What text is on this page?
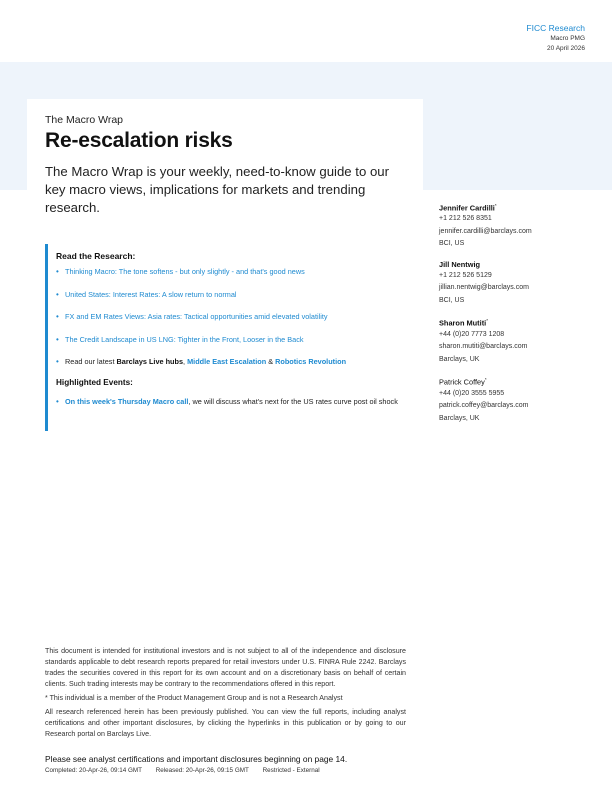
FICC Research
Macro PMG
20 April 2026
The Macro Wrap
Re-escalation risks
The Macro Wrap is your weekly, need-to-know guide to our key macro views, implications for markets and trending research.
Read the Research:
• Thinking Macro: The tone softens - but only slightly - and that's good news
• United States: Interest Rates: A slow return to normal
• FX and EM Rates Views: Asia rates: Tactical opportunities amid elevated volatility
• The Credit Landscape in US LNG: Tighter in the Front, Looser in the Back
• Read our latest Barclays Live hubs, Middle East Escalation & Robotics Revolution
Highlighted Events:
• On this week's Thursday Macro call, we will discuss what's next for the US rates curve post oil shock
Jennifer Cardilli*
+1 212 526 8351
jennifer.cardilli@barclays.com
BCI, US
Jill Nentwig
+1 212 526 5129
jillian.nentwig@barclays.com
BCI, US
Sharon Mutiti*
+44 (0)20 7773 1208
sharon.mutiti@barclays.com
Barclays, UK
Patrick Coffey*
+44 (0)20 3555 5955
patrick.coffey@barclays.com
Barclays, UK

This document is intended for institutional investors and is not subject to all of the independence and disclosure standards applicable to debt research reports prepared for retail investors under U.S. FINRA Rule 2242. Barclays trades the securities covered in this report for its own account and on a discretionary basis on behalf of certain clients. Such trading interests may be contrary to the recommendations offered in this report.

* This individual is a member of the Product Management Group and is not a Research Analyst

All research referenced herein has been previously published. You can view the full reports, including analyst certifications and other important disclosures, by clicking the hyperlinks in this publication or by going to our Research portal on Barclays Live.

Please see analyst certifications and important disclosures beginning on page 14.
Completed: 20-Apr-26, 09:14 GMT Released: 20-Apr-26, 09:15 GMT Restricted - External
